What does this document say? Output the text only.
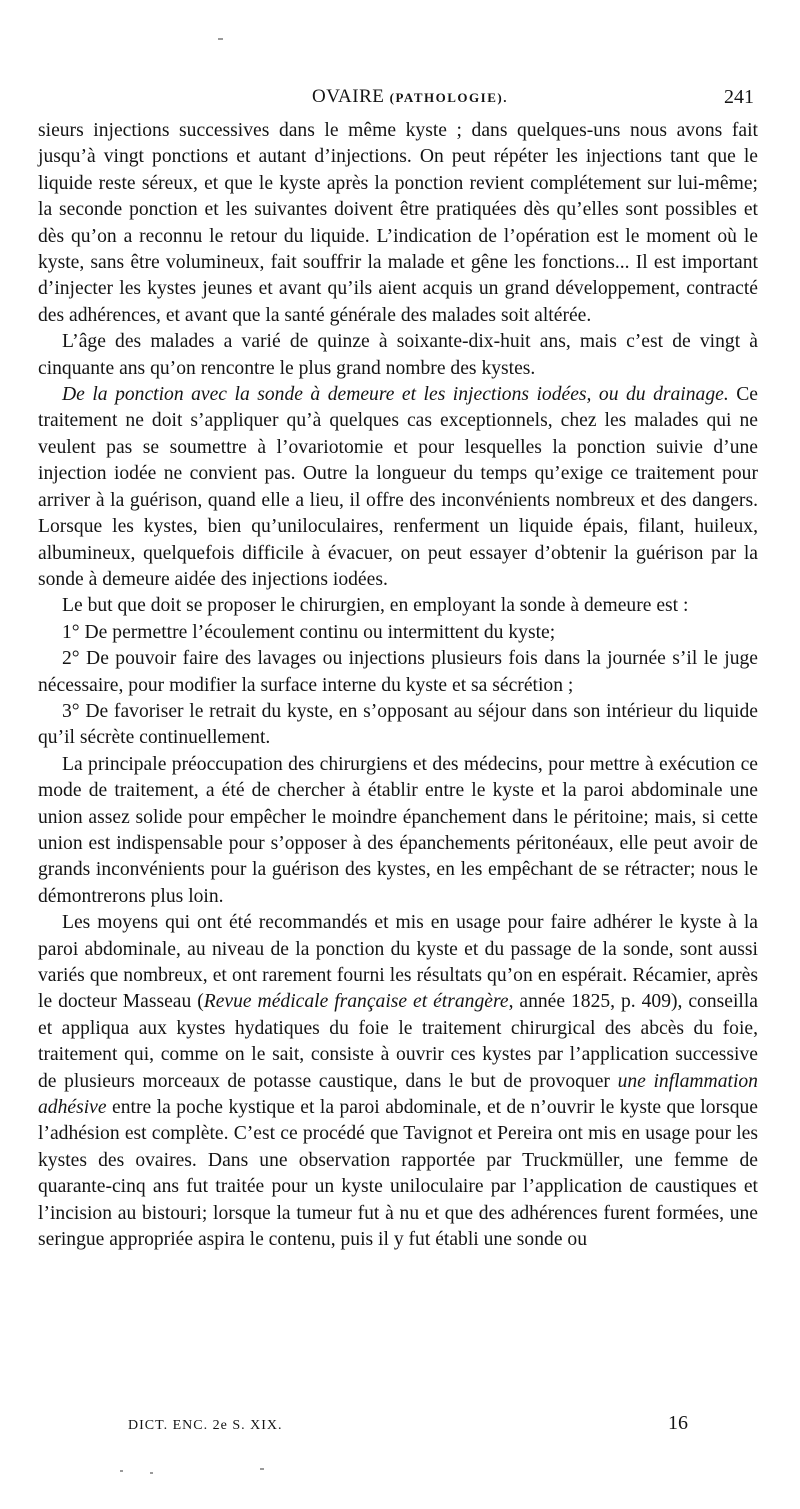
OVAIRE (PATHOLOGIE).	241

sieurs injections successives dans le même kyste ; dans quelques-uns nous avons fait jusqu’à vingt ponctions et autant d’injections. On peut répéter les injections tant que le liquide reste séreux, et que le kyste après la ponction revient complétement sur lui-même; la seconde ponction et les suivantes doivent être pratiquées dès qu’elles sont possibles et dès qu’on a reconnu le retour du liquide. L’indication de l’opération est le moment où le kyste, sans être volumineux, fait souffrir la malade et gêne les fonctions... Il est important d’injecter les kystes jeunes et avant qu’ils aient acquis un grand développement, contracté des adhérences, et avant que la santé générale des malades soit altérée.

L’âge des malades a varié de quinze à soixante-dix-huit ans, mais c’est de vingt à cinquante ans qu’on rencontre le plus grand nombre des kystes.

De la ponction avec la sonde à demeure et les injections iodées, ou du drainage. Ce traitement ne doit s’appliquer qu’à quelques cas exceptionnels, chez les malades qui ne veulent pas se soumettre à l’ovariotomie et pour lesquelles la ponction suivie d’une injection iodée ne convient pas. Outre la longueur du temps qu’exige ce traitement pour arriver à la guérison, quand elle a lieu, il offre des inconvénients nombreux et des dangers. Lorsque les kystes, bien qu’uniloculaires, renferment un liquide épais, filant, huileux, albumineux, quelquefois difficile à évacuer, on peut essayer d’obtenir la guérison par la sonde à demeure aidée des injections iodées.

Le but que doit se proposer le chirurgien, en employant la sonde à demeure est :

1° De permettre l’écoulement continu ou intermittent du kyste;

2° De pouvoir faire des lavages ou injections plusieurs fois dans la journée s’il le juge nécessaire, pour modifier la surface interne du kyste et sa sécrétion ;

3° De favoriser le retrait du kyste, en s’opposant au séjour dans son intérieur du liquide qu’il sécrète continuellement.

La principale préoccupation des chirurgiens et des médecins, pour mettre à exécution ce mode de traitement, a été de chercher à établir entre le kyste et la paroi abdominale une union assez solide pour empêcher le moindre épanchement dans le péritoine; mais, si cette union est indispensable pour s’opposer à des épanchements péritonéaux, elle peut avoir de grands inconvénients pour la guérison des kystes, en les empêchant de se rétracter; nous le démontrerons plus loin.

Les moyens qui ont été recommandés et mis en usage pour faire adhérer le kyste à la paroi abdominale, au niveau de la ponction du kyste et du passage de la sonde, sont aussi variés que nombreux, et ont rarement fourni les résultats qu’on en espérait. Récamier, après le docteur Masseau (Revue médicale française et étrangère, année 1825, p. 409), conseilla et appliqua aux kystes hydatiques du foie le traitement chirurgical des abcès du foie, traitement qui, comme on le sait, consiste à ouvrir ces kystes par l’application successive de plusieurs morceaux de potasse caustique, dans le but de provoquer une inflammation adhésive entre la poche kystique et la paroi abdominale, et de n’ouvrir le kyste que lorsque l’adhésion est complète. C’est ce procédé que Tavignot et Pereira ont mis en usage pour les kystes des ovaires. Dans une observation rapportée par Truckmüller, une femme de quarante-cinq ans fut traitée pour un kyste uniloculaire par l’application de caustiques et l’incision au bistouri; lorsque la tumeur fut à nu et que des adhérences furent formées, une seringue appropriée aspira le contenu, puis il y fut établi une sonde ou

DICT. ENC. 2e S. XIX.	16
